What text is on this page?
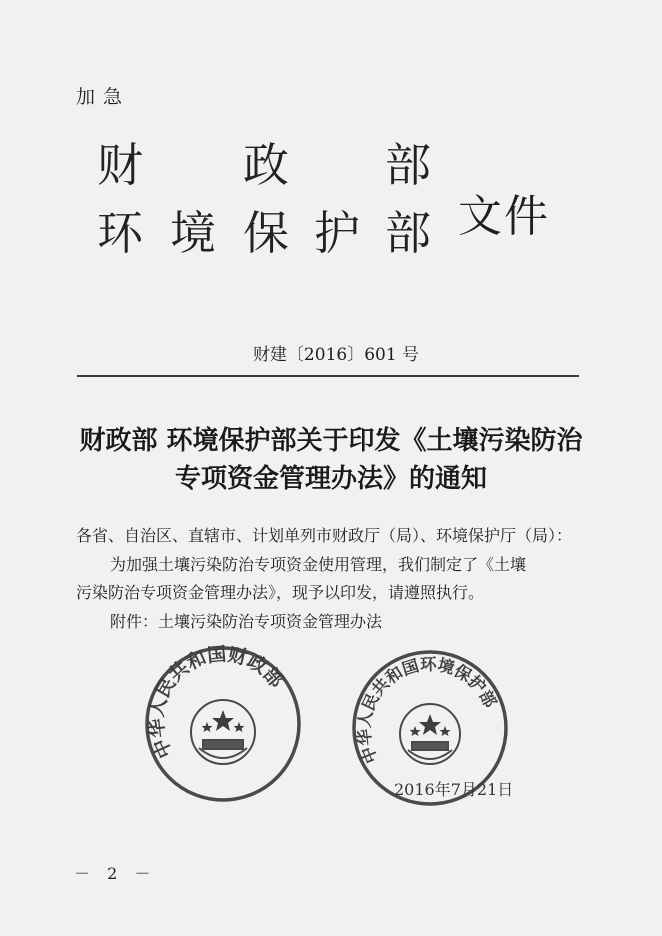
加急
财 政 部
环 境 保 护 部 文件
财建〔2016〕601 号
财政部 环境保护部关于印发《土壤污染防治
专项资金管理办法》的通知
各省、自治区、直辖市、计划单列市财政厅（局）、环境保护厅（局）：
为加强土壤污染防治专项资金使用管理，我们制定了《土壤
污染防治专项资金管理办法》，现予以印发，请遵照执行。
附件：土壤污染防治专项资金管理办法
中华人民共和国财政部
中华人民共和国环境保护部
2016年7月21日
－ 2 －
